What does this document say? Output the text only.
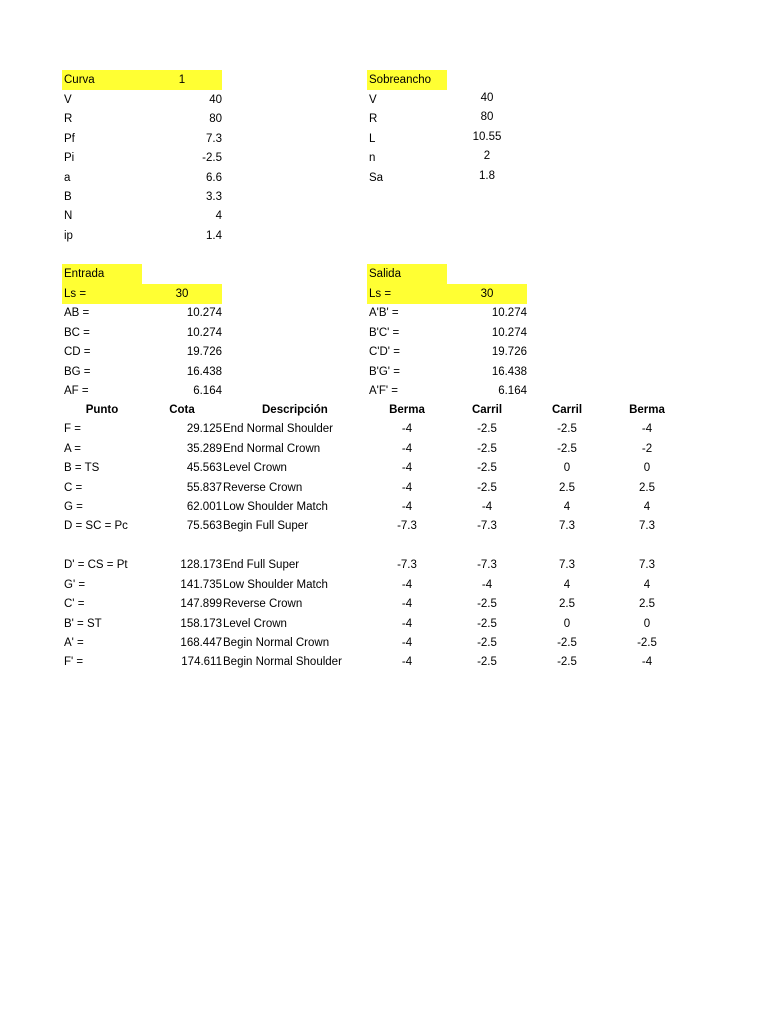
Curva	1
V	40
R	80
Pf	7.3
Pi	-2.5
a	6.6
B	3.3
N	4
ip	1.4
Sobreancho
V	40
R	80
L	10.55
n	2
Sa	1.8
Entrada
Ls =	30
AB =	10.274
BC =	10.274
CD =	19.726
BG =	16.438
AF =	6.164
Salida
Ls =	30
A'B' =	10.274
B'C' =	10.274
C'D' =	19.726
B'G' =	16.438
A'F' =	6.164
Punto	Cota	Descripción	Berma	Carril	Carril	Berma
F =	29.125 End Normal Shoulder	-4	-2.5	-2.5	-4
A =	35.289 End Normal Crown	-4	-2.5	-2.5	-2
B = TS	45.563 Level Crown	-4	-2.5	0	0
C =	55.837 Reverse Crown	-4	-2.5	2.5	2.5
G =	62.001 Low Shoulder Match	-4	-4	4	4
D = SC = Pc	75.563 Begin Full Super	-7.3	-7.3	7.3	7.3
D' = CS = Pt	128.173 End Full Super	-7.3	-7.3	7.3	7.3
G' =	141.735 Low Shoulder Match	-4	-4	4	4
C' =	147.899 Reverse Crown	-4	-2.5	2.5	2.5
B' = ST	158.173 Level Crown	-4	-2.5	0	0
A' =	168.447 Begin Normal Crown	-4	-2.5	-2.5	-2.5
F' =	174.611 Begin Normal Shoulder	-4	-2.5	-2.5	-4
